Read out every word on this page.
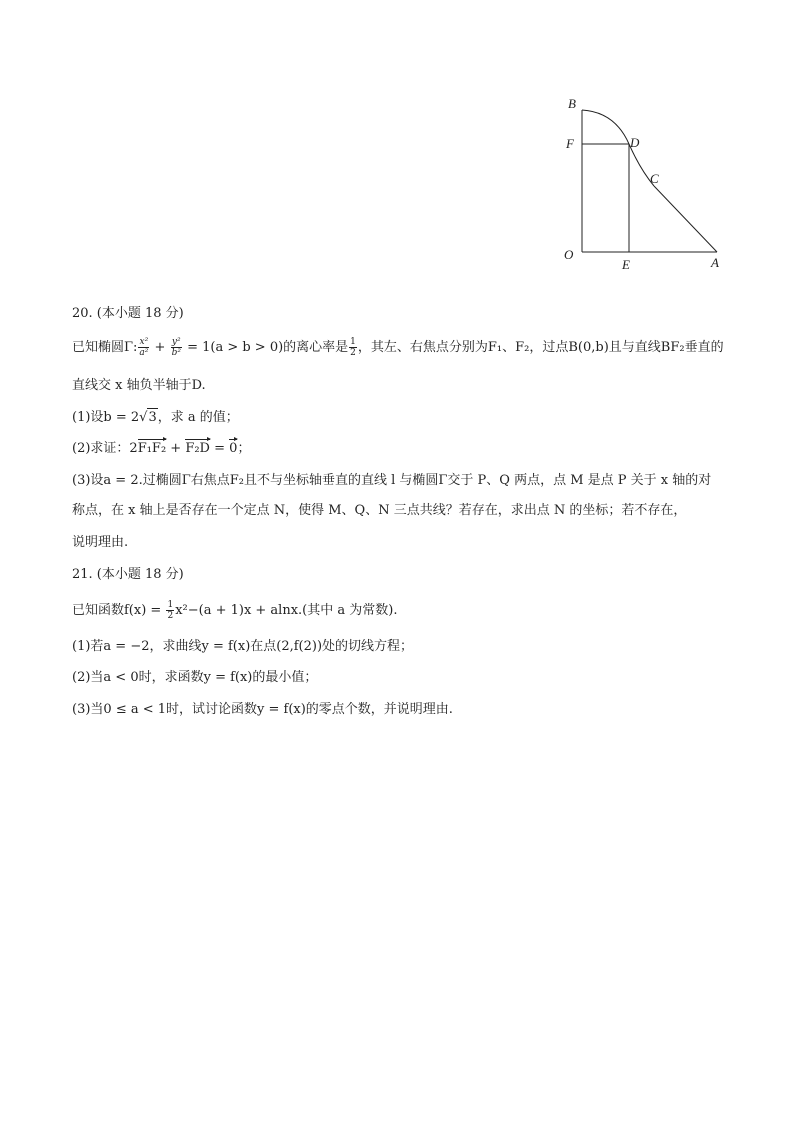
B
F	D
C
O
E	A
20. (本小题 18 分)
已知椭圆Γ: $\frac{\text{x²}}{\text{a²}} + \frac{\text{y²}}{\text{b²}} = 1(a > b > 0)$的离心率是 $\frac{1}{2}$ ，其左、右焦点分别为F₁、F₂，过点B(0,b)且与直线BF₂垂直的
直线交 x 轴负半轴于D.
(1)设b = 2√3，求 a 的值；
(2)求证：2F₁F₂ + F₂D = 0；
(3)设a = 2.过椭圆Γ右焦点F₂且不与坐标轴垂直的直线 l 与椭圆Γ交于 P、Q 两点，点 M 是点 P 关于 x 轴的对
称点，在 x 轴上是否存在一个定点 N，使得 M、Q、N 三点共线？若存在，求出点 N 的坐标；若不存在，
说明理由.
21. (本小题 18 分)
已知函数$f(x) = \frac{1}{2} x^2-(a + 1)x + alnx$.(其中 a 为常数).
(1)若a = −2，求曲线y = f(x)在点(2,f(2))处的切线方程；
(2)当a < 0时，求函数y = f(x)的最小值；
(3)当0 ≤ a < 1时，试讨论函数y = f(x)的零点个数，并说明理由.
